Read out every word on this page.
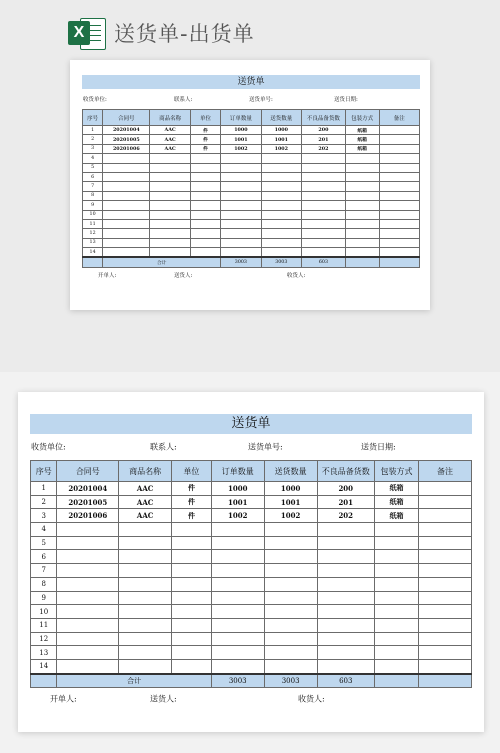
X 送货单-出货单
送货单
收货单位:	联系人:	送货单号:	送货日期:
序号	合同号	商品名称	单位	订单数量	送货数量	不良品备货数	包装方式	备注
1	20201004	AAC	件	1000	1000	200	纸箱	
2	20201005	AAC	件	1001	1001	201	纸箱	
3	20201006	AAC	件	1002	1002	202	纸箱	
4								
5								
6								
7								
8								
9								
10								
11								
12								
13								
14								
	合计			3003	3003	603		
开单人:	送货人:	收货人:
送货单
收货单位:	联系人:	送货单号:	送货日期:
序号	合同号	商品名称	单位	订单数量	送货数量	不良品备货数	包装方式	备注
1	20201004	AAC	件	1000	1000	200	纸箱	
2	20201005	AAC	件	1001	1001	201	纸箱	
3	20201006	AAC	件	1002	1002	202	纸箱	
4								
5								
6								
7								
8								
9								
10								
11								
12								
13								
14								
	合计			3003	3003	603		
开单人:	送货人:	收货人:
